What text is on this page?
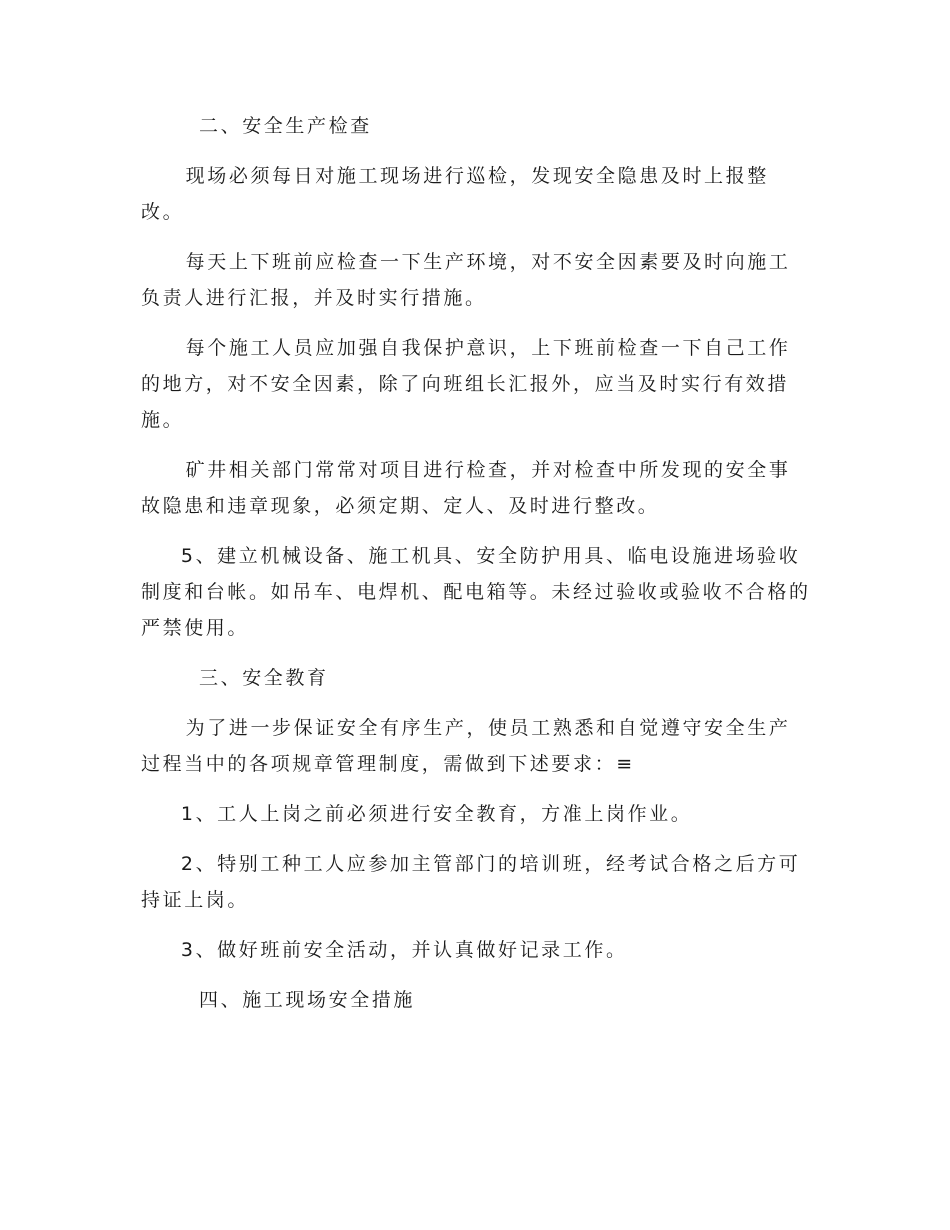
二、安全生产检查

现场必须每日对施工现场进行巡检，发现安全隐患及时上报整改。

每天上下班前应检查一下生产环境，对不安全因素要及时向施工负责人进行汇报，并及时实行措施。

每个施工人员应加强自我保护意识，上下班前检查一下自己工作的地方，对不安全因素，除了向班组长汇报外，应当及时实行有效措施。

矿井相关部门常常对项目进行检查，并对检查中所发现的安全事故隐患和违章现象，必须定期、定人、及时进行整改。

5、建立机械设备、施工机具、安全防护用具、临电设施进场验收制度和台帐。如吊车、电焊机、配电箱等。未经过验收或验收不合格的严禁使用。

三、安全教育

为了进一步保证安全有序生产，使员工熟悉和自觉遵守安全生产过程当中的各项规章管理制度，需做到下述要求：≡

1、工人上岗之前必须进行安全教育，方准上岗作业。

2、特别工种工人应参加主管部门的培训班，经考试合格之后方可持证上岗。

3、做好班前安全活动，并认真做好记录工作。

四、施工现场安全措施
